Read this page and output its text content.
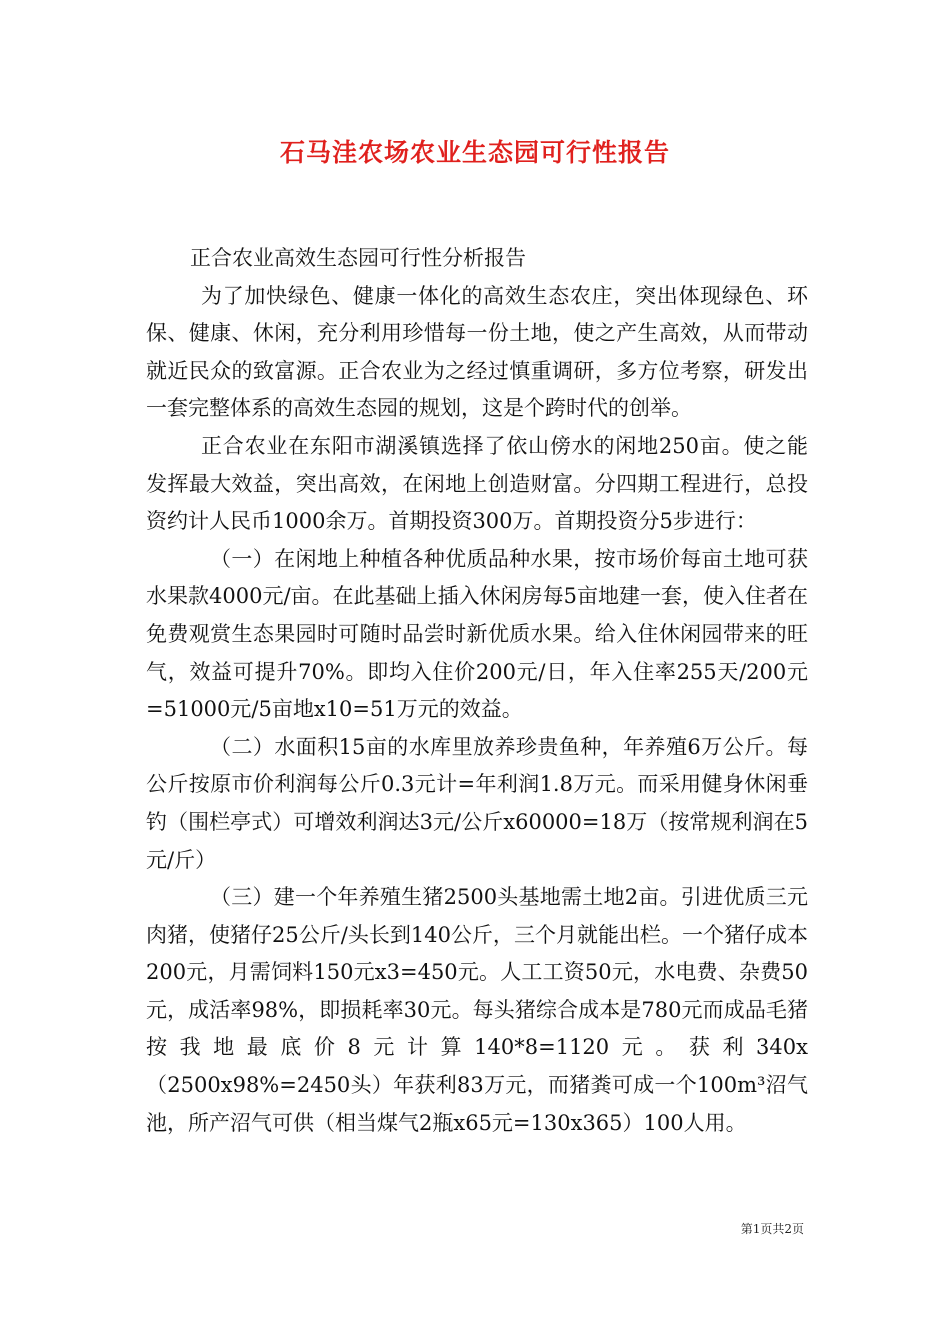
石马洼农场农业生态园可行性报告

正合农业高效生态园可行性分析报告

为了加快绿色、健康一体化的高效生态农庄，突出体现绿色、环保、健康、休闲，充分利用珍惜每一份土地，使之产生高效，从而带动就近民众的致富源。正合农业为之经过慎重调研，多方位考察，研发出一套完整体系的高效生态园的规划，这是个跨时代的创举。

正合农业在东阳市湖溪镇选择了依山傍水的闲地250亩。使之能发挥最大效益，突出高效，在闲地上创造财富。分四期工程进行，总投资约计人民币1000余万。首期投资300万。首期投资分5步进行：

（一）在闲地上种植各种优质品种水果，按市场价每亩土地可获水果款4000元/亩。在此基础上插入休闲房每5亩地建一套，使入住者在免费观赏生态果园时可随时品尝时新优质水果。给入住休闲园带来的旺气，效益可提升70%。即均入住价200元/日，年入住率255天/200元=51000元/5亩地x10=51万元的效益。

（二）水面积15亩的水库里放养珍贵鱼种，年养殖6万公斤。每公斤按原市价利润每公斤0.3元计=年利润1.8万元。而采用健身休闲垂钓（围栏亭式）可增效利润达3元/公斤x60000=18万（按常规利润在5元/斤）

（三）建一个年养殖生猪2500头基地需土地2亩。引进优质三元肉猪，使猪仔25公斤/头长到140公斤，三个月就能出栏。一个猪仔成本200元，月需饲料150元x3=450元。人工工资50元，水电费、杂费50元，成活率98%，即损耗率30元。每头猪综合成本是780元而成品毛猪按我地最底价8元计算140*8=1120元。获利340x（2500x98%=2450头）年获利83万元，而猪粪可成一个100m³沼气池，所产沼气可供（相当煤气2瓶x65元=130x365）100人用。

第1页共2页
